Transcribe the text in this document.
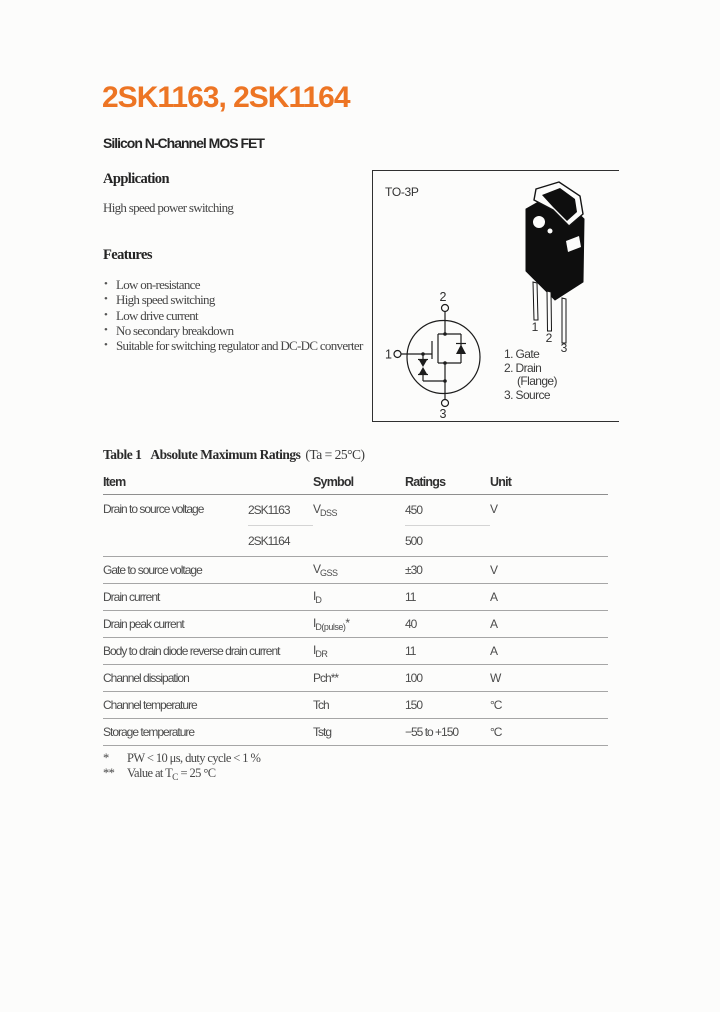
2SK1163, 2SK1164
Silicon N-Channel MOS FET
Application
High speed power switching
Features
• Low on-resistance
• High speed switching
• Low drive current
• No secondary breakdown
• Suitable for switching regulator and DC-DC converter
TO-3P
1
2
3
2
1
3
1. Gate
2. Drain
(Flange)
3. Source
Table 1 Absolute Maximum Ratings (Ta = 25°C)
Item		Symbol	Ratings	Unit
Drain to source voltage	2SK1163	$V_{DSS}$	450	V
	2SK1164		500	
Gate to source voltage		$V_{GSS}$	±30	V
Drain current		$I_D$	11	A
Drain peak current		$I_{D(pulse)}*$	40	A
Body to drain diode reverse drain current		$I_{DR}$	11	A
Channel dissipation		Pch**	100	W
Channel temperature		Tch	150	°C
Storage temperature		Tstg	−55 to +150	°C
* PW < 10 μs, duty cycle < 1 %
** Value at $T_C = 25$ °C
